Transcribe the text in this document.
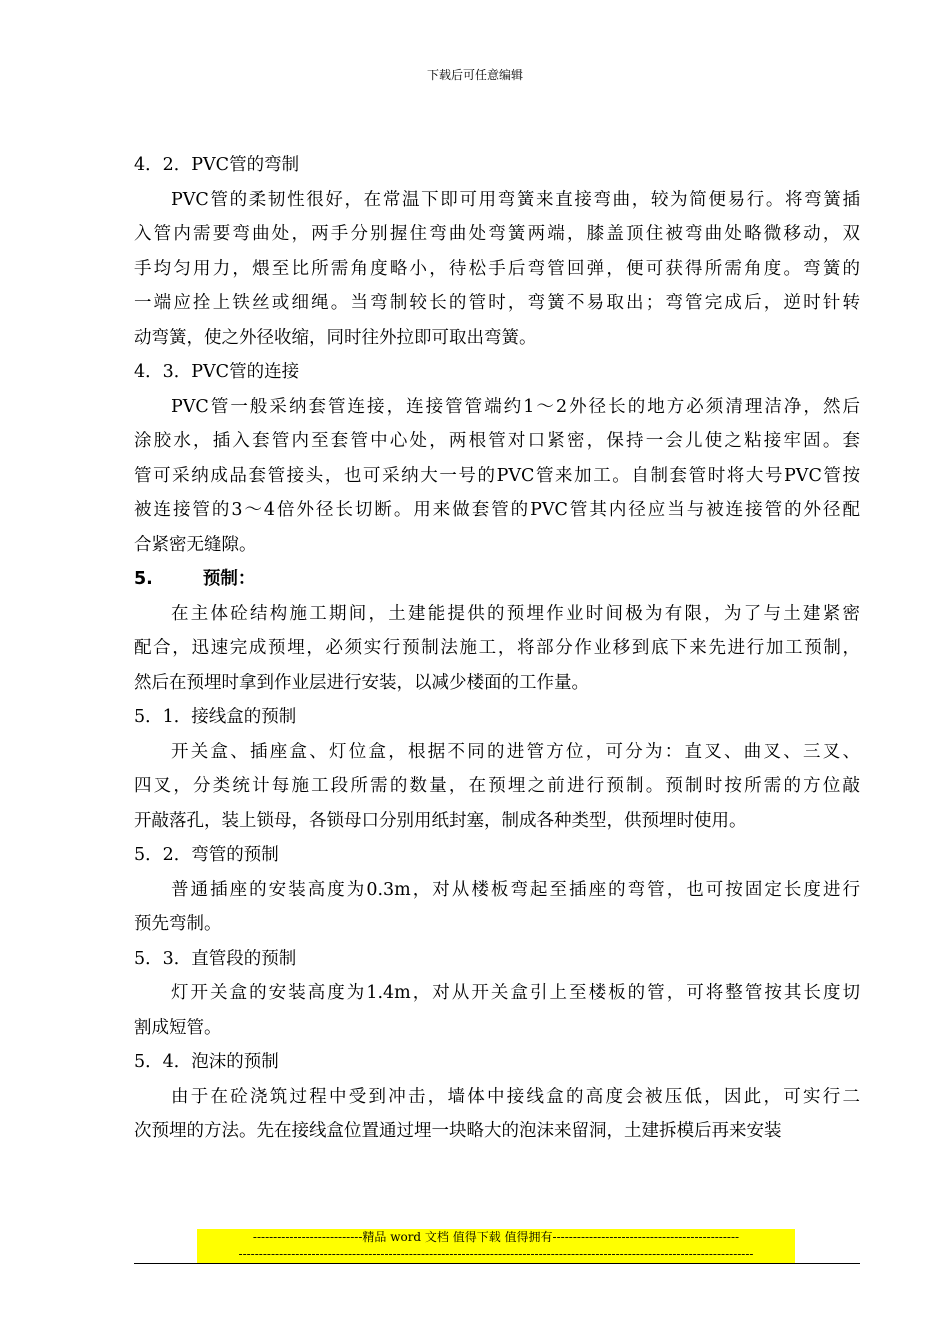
下载后可任意编辑
4．2．PVC管的弯制
PVC管的柔韧性很好，在常温下即可用弯簧来直接弯曲，较为简便易行。将弯簧插
入管内需要弯曲处，两手分别握住弯曲处弯簧两端，膝盖顶住被弯曲处略微移动，双
手均匀用力，煨至比所需角度略小，待松手后弯管回弹，便可获得所需角度。弯簧的
一端应拴上铁丝或细绳。当弯制较长的管时，弯簧不易取出；弯管完成后，逆时针转
动弯簧，使之外径收缩，同时往外拉即可取出弯簧。
4．3．PVC管的连接
PVC管一般采纳套管连接，连接管管端约1～2外径长的地方必须清理洁净，然后
涂胶水，插入套管内至套管中心处，两根管对口紧密，保持一会儿使之粘接牢固。套
管可采纳成品套管接头，也可采纳大一号的PVC管来加工。自制套管时将大号PVC管按
被连接管的3～4倍外径长切断。用来做套管的PVC管其内径应当与被连接管的外径配
合紧密无缝隙。
5.	预制：
在主体砼结构施工期间，土建能提供的预埋作业时间极为有限，为了与土建紧密
配合，迅速完成预埋，必须实行预制法施工，将部分作业移到底下来先进行加工预制，
然后在预埋时拿到作业层进行安装，以减少楼面的工作量。
5．1．接线盒的预制
开关盒、插座盒、灯位盒，根据不同的进管方位，可分为：直叉、曲叉、三叉、
四叉，分类统计每施工段所需的数量，在预埋之前进行预制。预制时按所需的方位敲
开敲落孔，装上锁母，各锁母口分别用纸封塞，制成各种类型，供预埋时使用。
5．2．弯管的预制
普通插座的安装高度为0.3m，对从楼板弯起至插座的弯管，也可按固定长度进行
预先弯制。
5．3．直管段的预制
灯开关盒的安装高度为1.4m，对从开关盒引上至楼板的管，可将整管按其长度切
割成短管。
5．4．泡沫的预制
由于在砼浇筑过程中受到冲击，墙体中接线盒的高度会被压低，因此，可实行二
次预埋的方法。先在接线盒位置通过埋一块略大的泡沫来留洞，土建拆模后再来安装
---------------------------精品 word 文档 值得下载 值得拥有----------------------------------------------
-------------------------------------------------------------------------------------------------------------------------------
